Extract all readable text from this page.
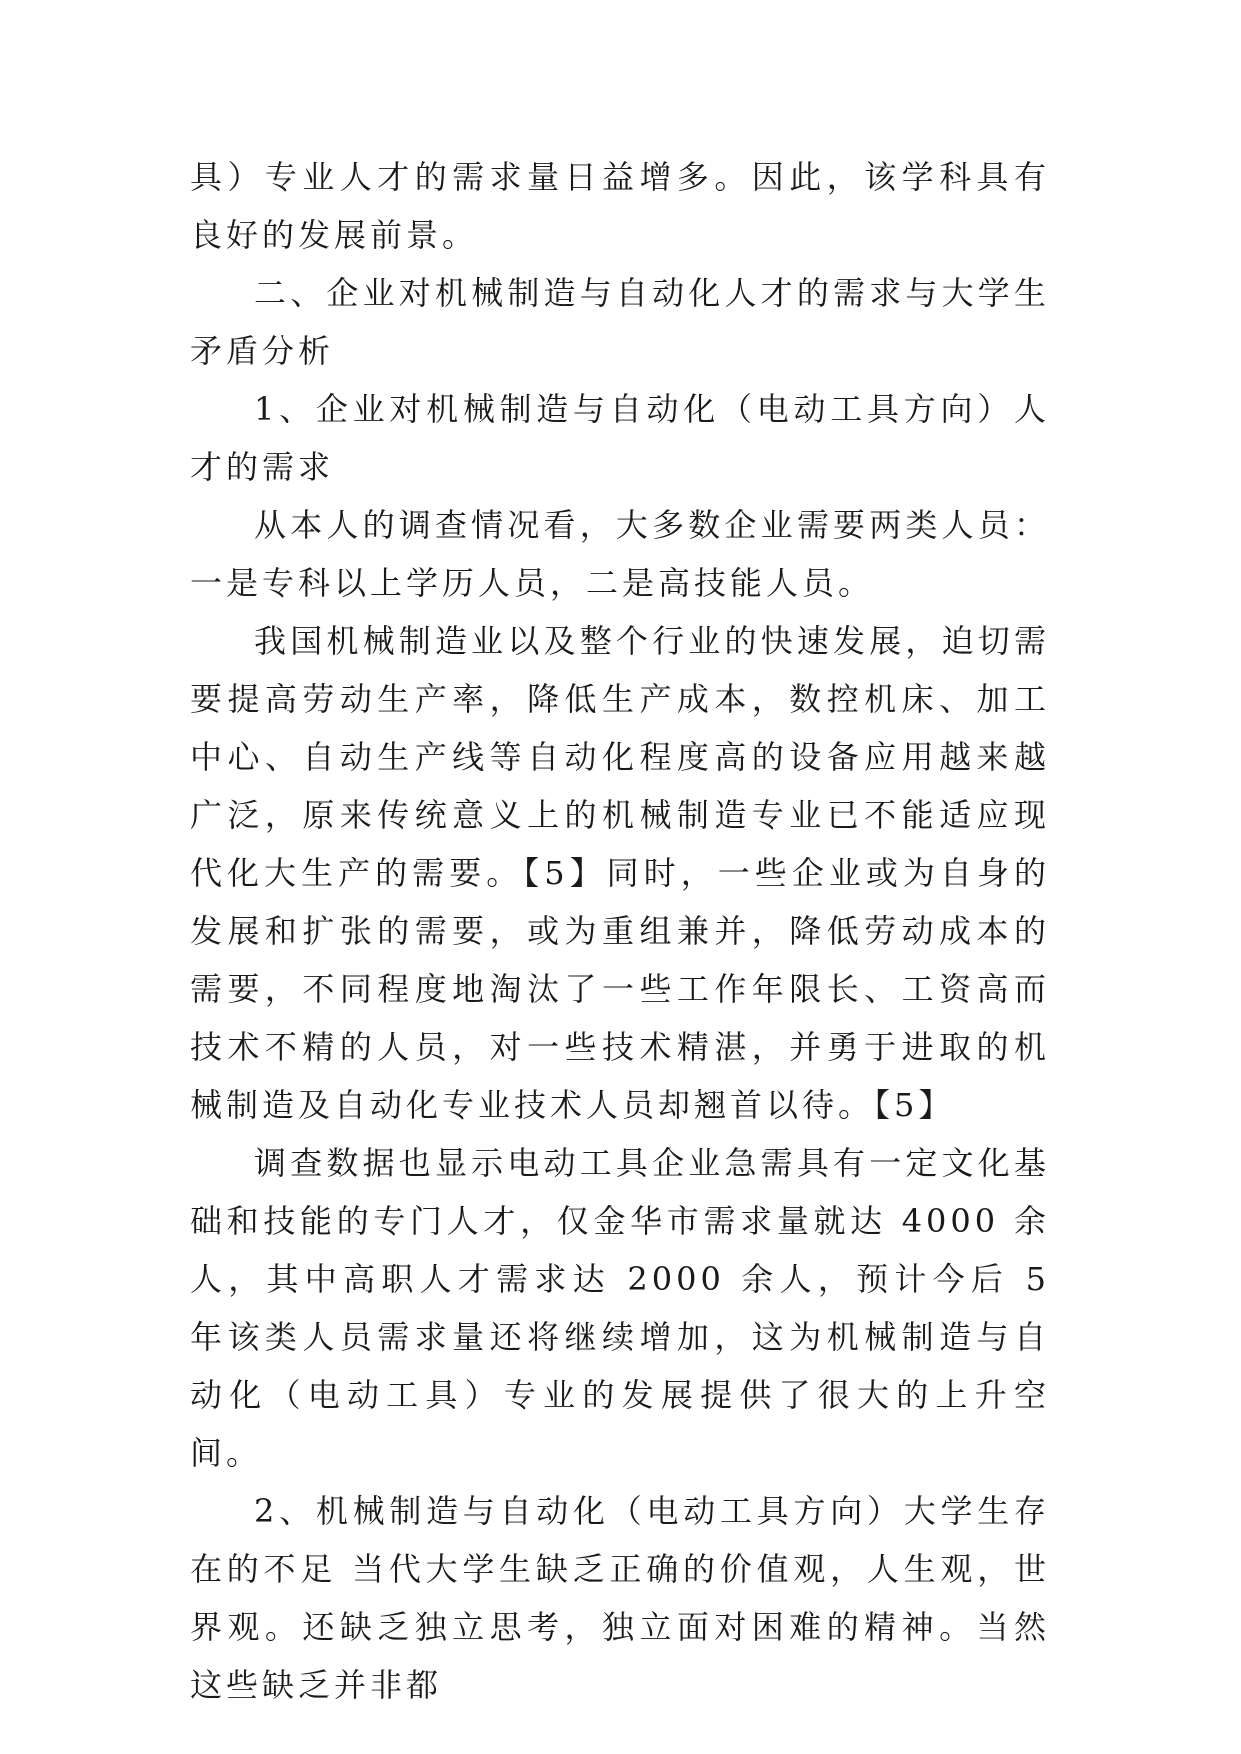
具）专业人才的需求量日益增多。因此，该学科具有良好的发展前景。

二、企业对机械制造与自动化人才的需求与大学生矛盾分析

1、企业对机械制造与自动化（电动工具方向）人才的需求

从本人的调查情况看，大多数企业需要两类人员：一是专科以上学历人员，二是高技能人员。

我国机械制造业以及整个行业的快速发展，迫切需要提高劳动生产率，降低生产成本，数控机床、加工中心、自动生产线等自动化程度高的设备应用越来越广泛，原来传统意义上的机械制造专业已不能适应现代化大生产的需要。【5】同时，一些企业或为自身的发展和扩张的需要，或为重组兼并，降低劳动成本的需要，不同程度地淘汰了一些工作年限长、工资高而技术不精的人员，对一些技术精湛，并勇于进取的机械制造及自动化专业技术人员却翘首以待。【5】

调查数据也显示电动工具企业急需具有一定文化基础和技能的专门人才，仅金华市需求量就达 4000 余人，其中高职人才需求达 2000 余人，预计今后 5 年该类人员需求量还将继续增加，这为机械制造与自动化（电动工具）专业的发展提供了很大的上升空间。

2、机械制造与自动化（电动工具方向）大学生存在的不足 当代大学生缺乏正确的价值观，人生观，世界观。还缺乏独立思考，独立面对困难的精神。当然这些缺乏并非都
